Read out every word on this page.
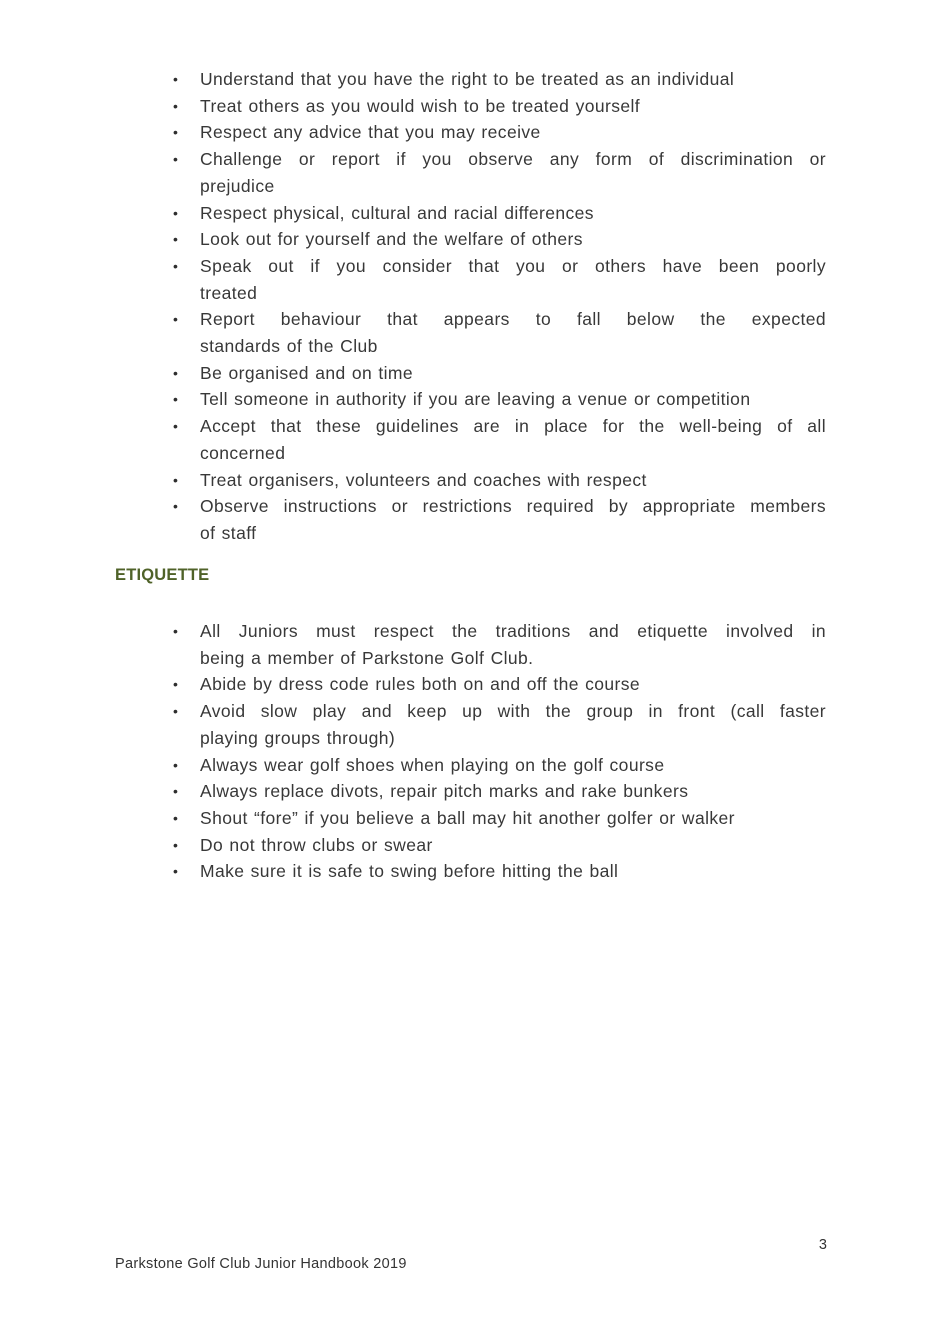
•	Understand that you have the right to be treated as an individual
•	Treat others as you would wish to be treated yourself
•	Respect any advice that you may receive
•	Challenge or report if you observe any form of discrimination or
prejudice
•	Respect physical, cultural and racial differences
•	Look out for yourself and the welfare of others
•	Speak out if you consider that you or others have been poorly
treated
•	Report behaviour that appears to fall below the expected
standards of the Club
•	Be organised and on time
•	Tell someone in authority if you are leaving a venue or competition
•	Accept that these guidelines are in place for the well-being of all
concerned
•	Treat organisers, volunteers and coaches with respect
•	Observe instructions or restrictions required by appropriate members
of staff
ETIQUETTE
•	All Juniors must respect the traditions and etiquette involved in
being a member of Parkstone Golf Club.
•	Abide by dress code rules both on and off the course
•	Avoid slow play and keep up with the group in front (call faster
playing groups through)
•	Always wear golf shoes when playing on the golf course
•	Always replace divots, repair pitch marks and rake bunkers
•	Shout “fore” if you believe a ball may hit another golfer or walker
•	Do not throw clubs or swear
•	Make sure it is safe to swing before hitting the ball
Parkstone Golf Club Junior Handbook 2019
3
